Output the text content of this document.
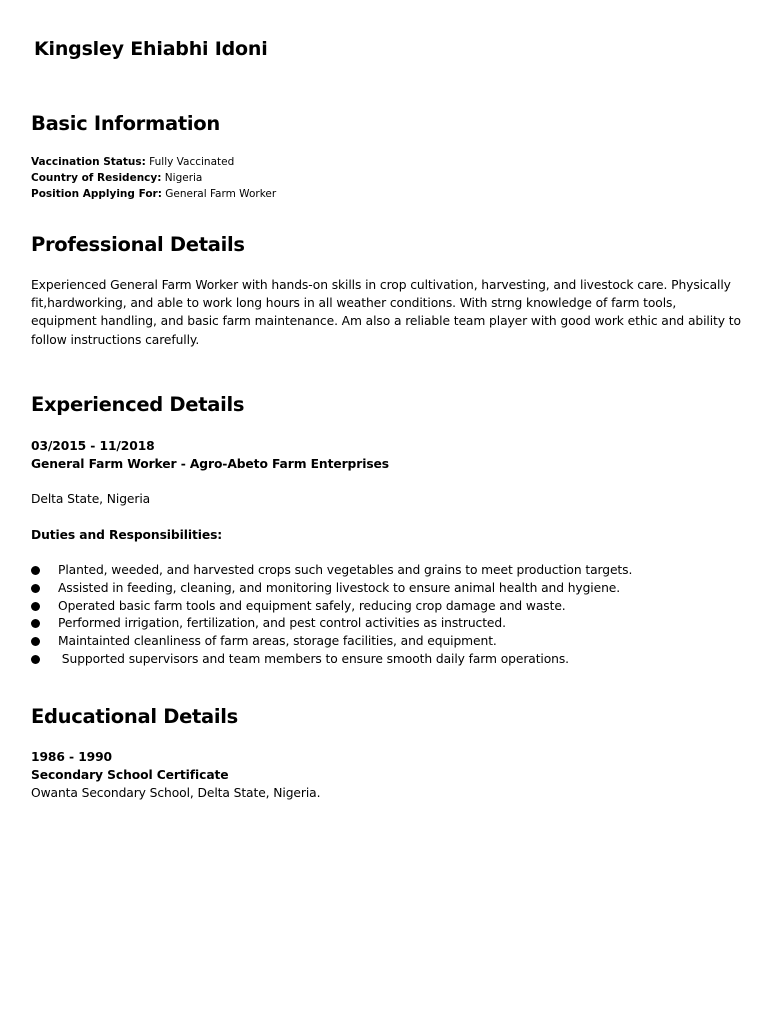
Kingsley Ehiabhi Idoni
Basic Information
Vaccination Status: Fully Vaccinated
Country of Residency: Nigeria
Position Applying For: General Farm Worker
Professional Details

Experienced General Farm Worker with hands-on skills in crop cultivation, harvesting, and livestock care. Physically fit,hardworking, and able to work long hours in all weather conditions. With strng knowledge of farm tools, equipment handling, and basic farm maintenance. Am also a reliable team player with good work ethic and ability to follow instructions carefully.

Experienced Details
03/2015 - 11/2018
General Farm Worker - Agro-Abeto Farm Enterprises
Delta State, Nigeria
Duties and Responsibilities:
Planted, weeded, and harvested crops such vegetables and grains to meet production targets.
Assisted in feeding, cleaning, and monitoring livestock to ensure animal health and hygiene.
Operated basic farm tools and equipment safely, reducing crop damage and waste.
Performed irrigation, fertilization, and pest control activities as instructed.
Maintainted cleanliness of farm areas, storage facilities, and equipment.
Supported supervisors and team members to ensure smooth daily farm operations.
Educational Details
1986 - 1990
Secondary School Certificate
Owanta Secondary School, Delta State, Nigeria.
